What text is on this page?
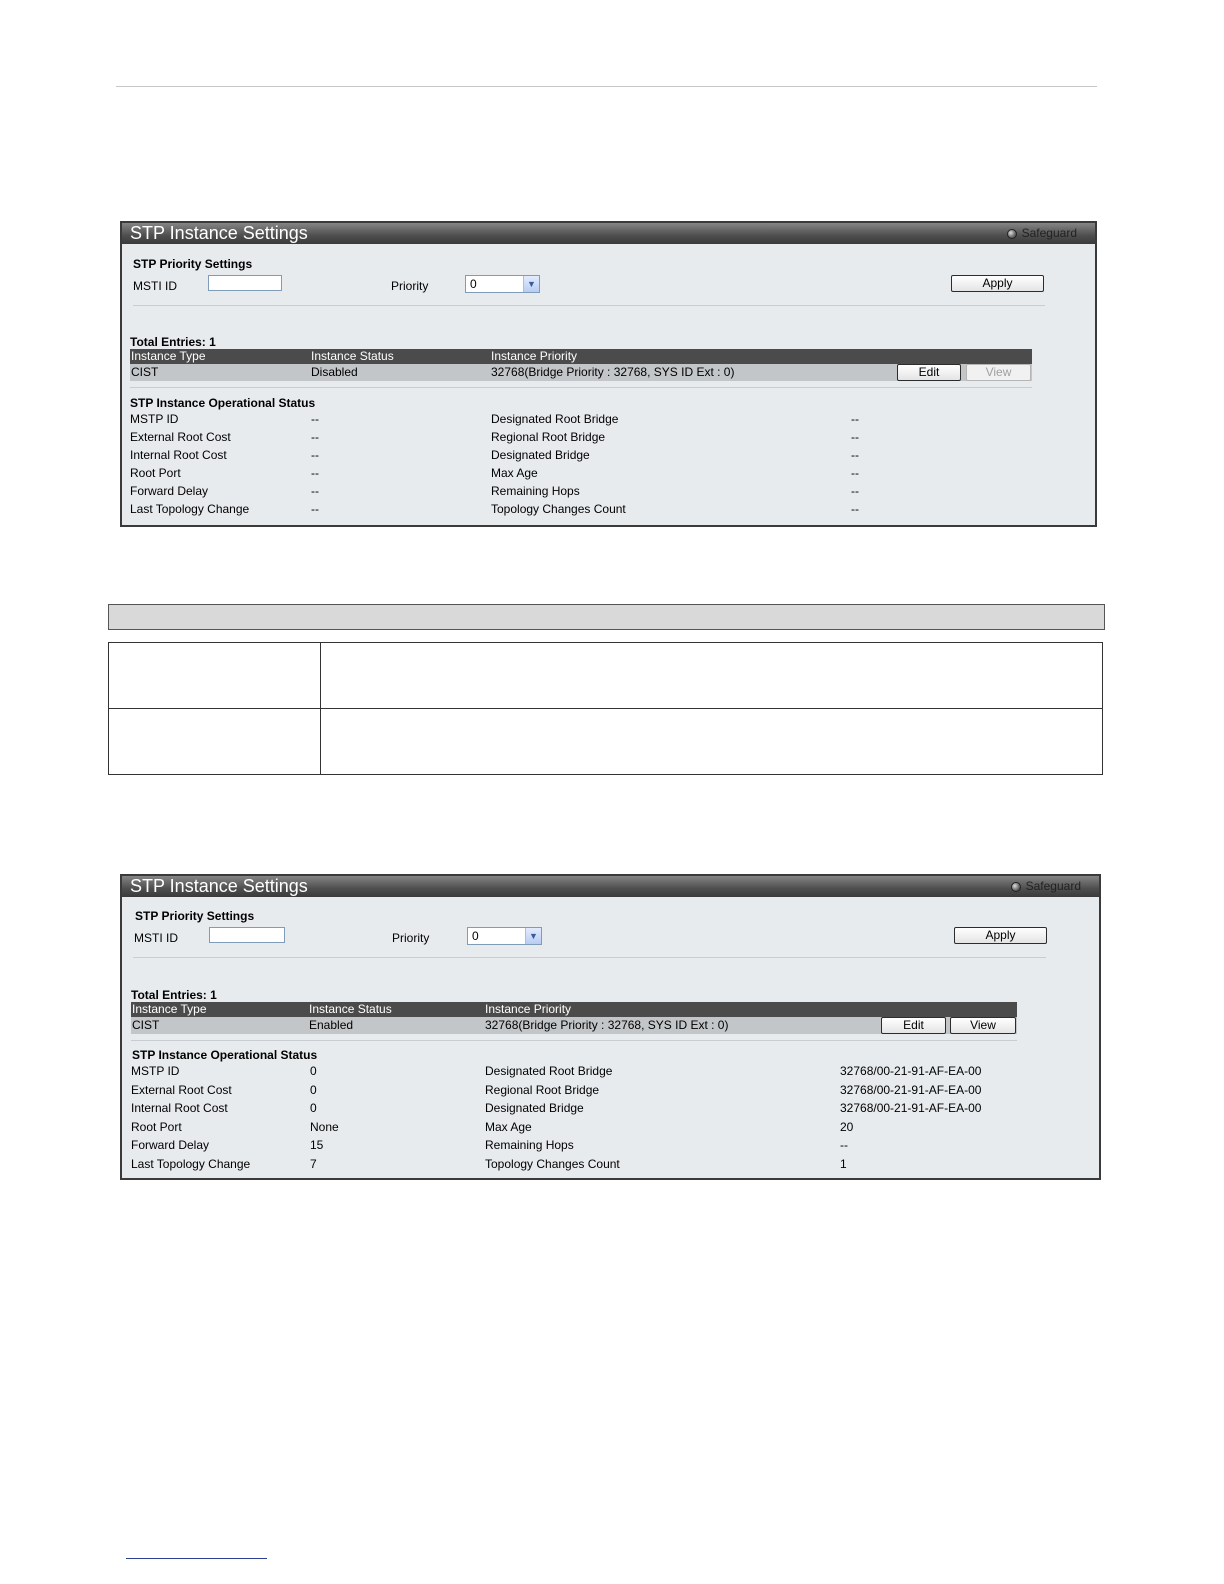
STP Instance Settings	Safeguard
STP Priority Settings
MSTI ID	Priority	0	▼	Apply
Total Entries: 1
Instance Type	Instance Status	Instance Priority
CIST	Disabled	32768(Bridge Priority : 32768, SYS ID Ext : 0)	Edit	View
STP Instance Operational Status
MSTP ID	--	Designated Root Bridge	--
External Root Cost	--	Regional Root Bridge	--
Internal Root Cost	--	Designated Bridge	--
Root Port	--	Max Age	--
Forward Delay	--	Remaining Hops	--
Last Topology Change	--	Topology Changes Count	--
STP Instance Settings	Safeguard
STP Priority Settings
MSTI ID	Priority	0	▼	Apply
Total Entries: 1
Instance Type	Instance Status	Instance Priority
CIST	Enabled	32768(Bridge Priority : 32768, SYS ID Ext : 0)	Edit	View
STP Instance Operational Status
MSTP ID	0	Designated Root Bridge	32768/00-21-91-AF-EA-00
External Root Cost	0	Regional Root Bridge	32768/00-21-91-AF-EA-00
Internal Root Cost	0	Designated Bridge	32768/00-21-91-AF-EA-00
Root Port	None	Max Age	20
Forward Delay	15	Remaining Hops	--
Last Topology Change	7	Topology Changes Count	1
